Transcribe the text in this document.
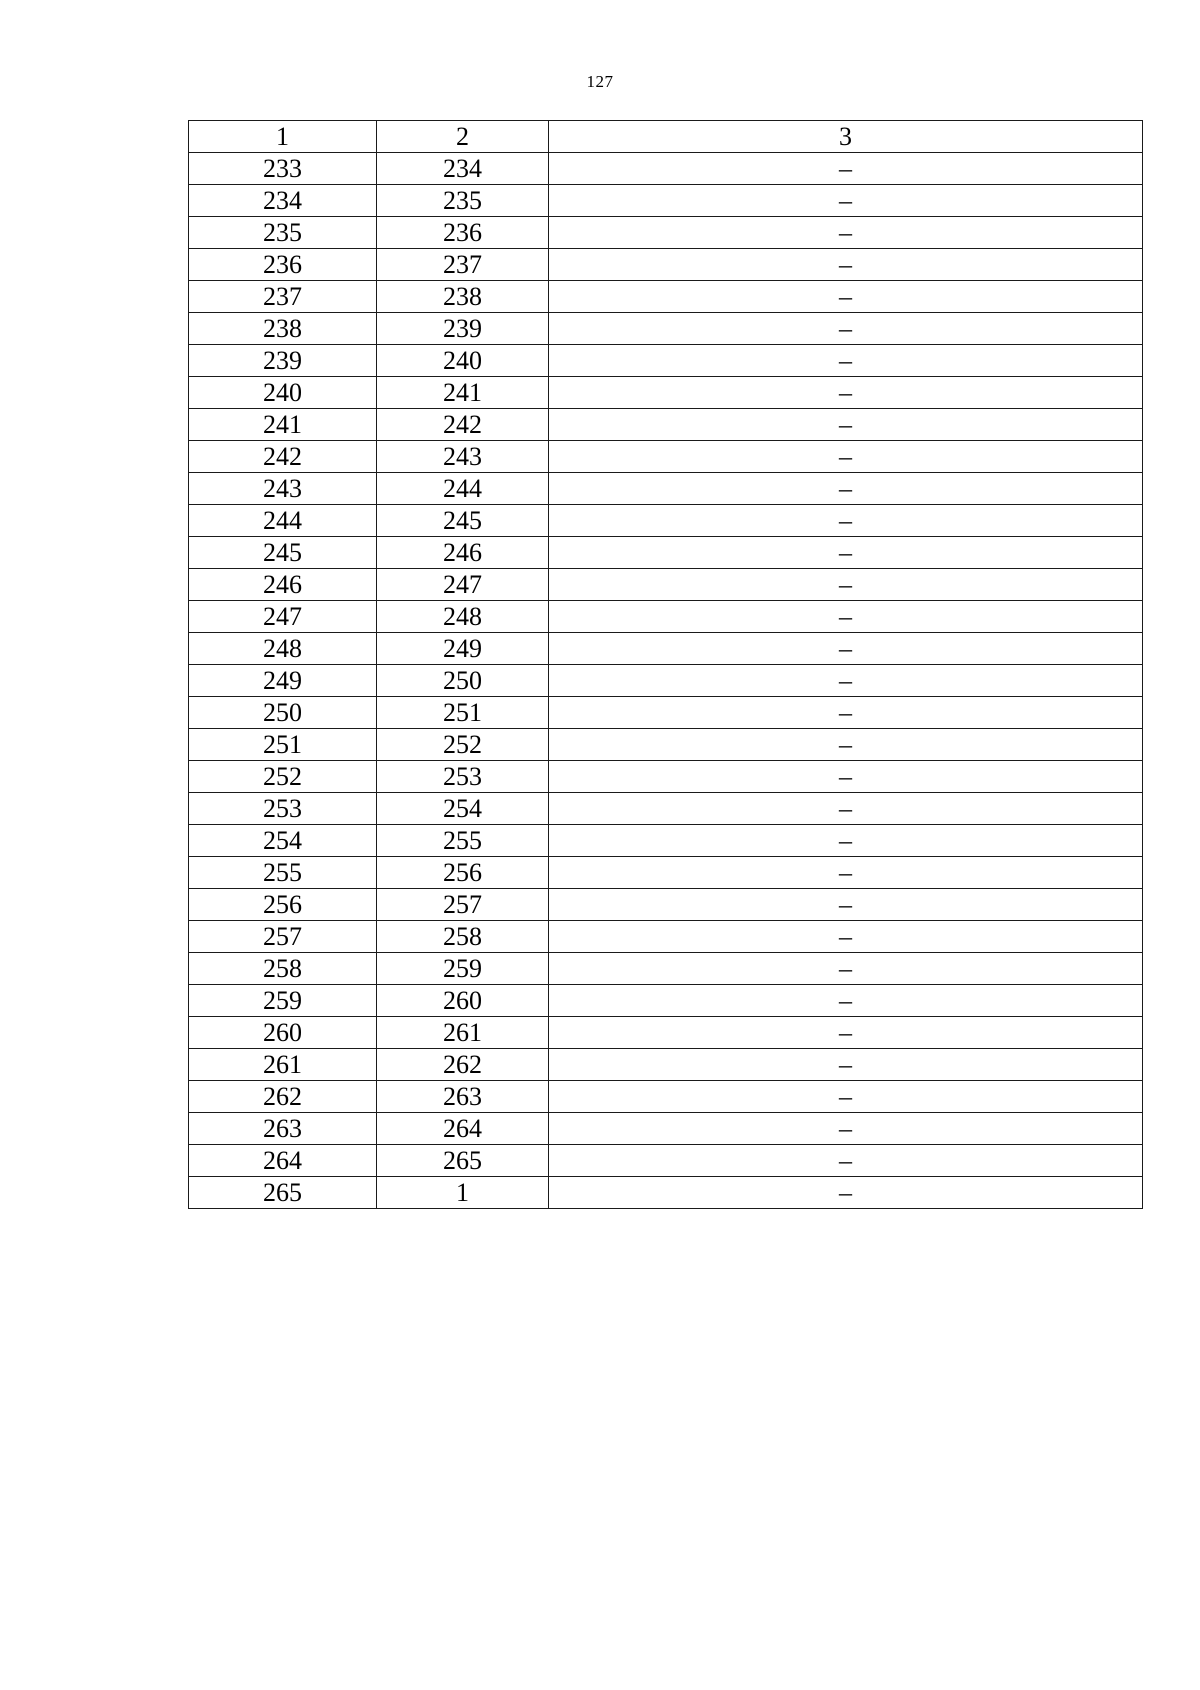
127
1	2	3
233	234	–
234	235	–
235	236	–
236	237	–
237	238	–
238	239	–
239	240	–
240	241	–
241	242	–
242	243	–
243	244	–
244	245	–
245	246	–
246	247	–
247	248	–
248	249	–
249	250	–
250	251	–
251	252	–
252	253	–
253	254	–
254	255	–
255	256	–
256	257	–
257	258	–
258	259	–
259	260	–
260	261	–
261	262	–
262	263	–
263	264	–
264	265	–
265	1	–
